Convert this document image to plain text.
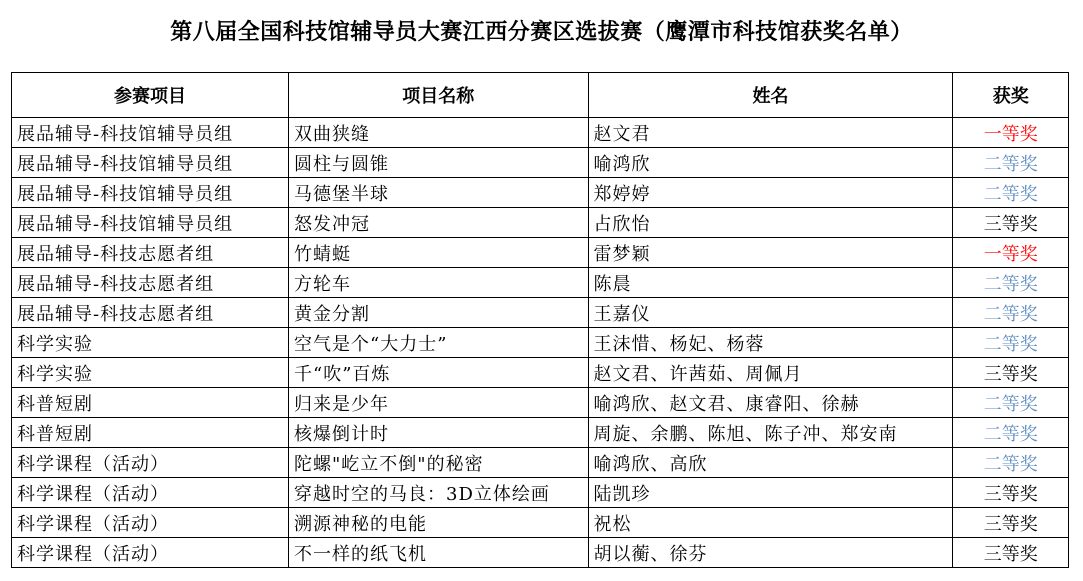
第八届全国科技馆辅导员大赛江西分赛区选拔赛（鹰潭市科技馆获奖名单）
参赛项目	项目名称	姓名	获奖
展品辅导-科技馆辅导员组	双曲狭缝	赵文君	一等奖
展品辅导-科技馆辅导员组	圆柱与圆锥	喻鸿欣	二等奖
展品辅导-科技馆辅导员组	马德堡半球	郑婷婷	二等奖
展品辅导-科技馆辅导员组	怒发冲冠	占欣怡	三等奖
展品辅导-科技志愿者组	竹蜻蜓	雷梦颖	一等奖
展品辅导-科技志愿者组	方轮车	陈晨	二等奖
展品辅导-科技志愿者组	黄金分割	王嘉仪	二等奖
科学实验	空气是个“大力士”	王沫惜、杨妃、杨蓉	二等奖
科学实验	千“吹”百炼	赵文君、许茜茹、周佩月	三等奖
科普短剧	归来是少年	喻鸿欣、赵文君、康睿阳、徐赫	二等奖
科普短剧	核爆倒计时	周旋、余鹏、陈旭、陈子冲、郑安南	二等奖
科学课程（活动）	陀螺"屹立不倒"的秘密	喻鸿欣、高欣	二等奖
科学课程（活动）	穿越时空的马良：3D立体绘画	陆凯珍	三等奖
科学课程（活动）	溯源神秘的电能	祝松	三等奖
科学课程（活动）	不一样的纸飞机	胡以蘅、徐芬	三等奖
